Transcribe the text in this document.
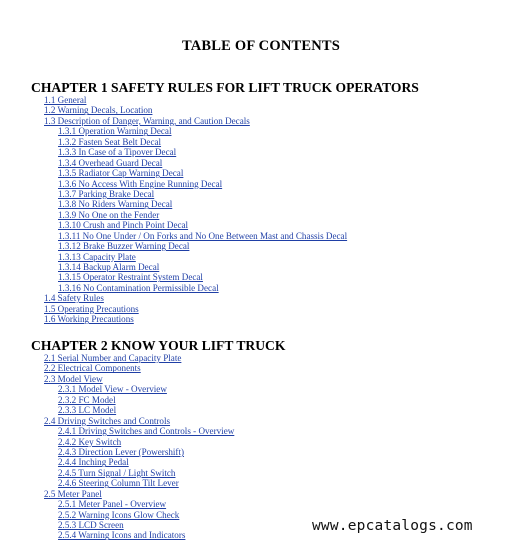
TABLE OF CONTENTS
CHAPTER 1 SAFETY RULES FOR LIFT TRUCK OPERATORS
1.1 General
1.2 Warning Decals, Location
1.3 Description of Danger, Warning, and Caution Decals
1.3.1 Operation Warning Decal
1.3.2 Fasten Seat Belt Decal
1.3.3 In Case of a Tipover Decal
1.3.4 Overhead Guard Decal
1.3.5 Radiator Cap Warning Decal
1.3.6 No Access With Engine Running Decal
1.3.7 Parking Brake Decal
1.3.8 No Riders Warning Decal
1.3.9 No One on the Fender
1.3.10 Crush and Pinch Point Decal
1.3.11 No One Under / On Forks and No One Between Mast and Chassis Decal
1.3.12 Brake Buzzer Warning Decal
1.3.13 Capacity Plate
1.3.14 Backup Alarm Decal
1.3.15 Operator Restraint System Decal
1.3.16 No Contamination Permissible Decal
1.4 Safety Rules
1.5 Operating Precautions
1.6 Working Precautions
CHAPTER 2 KNOW YOUR LIFT TRUCK
2.1 Serial Number and Capacity Plate
2.2 Electrical Components
2.3 Model View
2.3.1 Model View - Overview
2.3.2 FC Model
2.3.3 LC Model
2.4 Driving Switches and Controls
2.4.1 Driving Switches and Controls - Overview
2.4.2 Key Switch
2.4.3 Direction Lever (Powershift)
2.4.4 Inching Pedal
2.4.5 Turn Signal / Light Switch
2.4.6 Steering Column Tilt Lever
2.5 Meter Panel
2.5.1 Meter Panel - Overview
2.5.2 Warning Icons Glow Check
2.5.3 LCD Screen
2.5.4 Warning Icons and Indicators
www.epcatalogs.com
